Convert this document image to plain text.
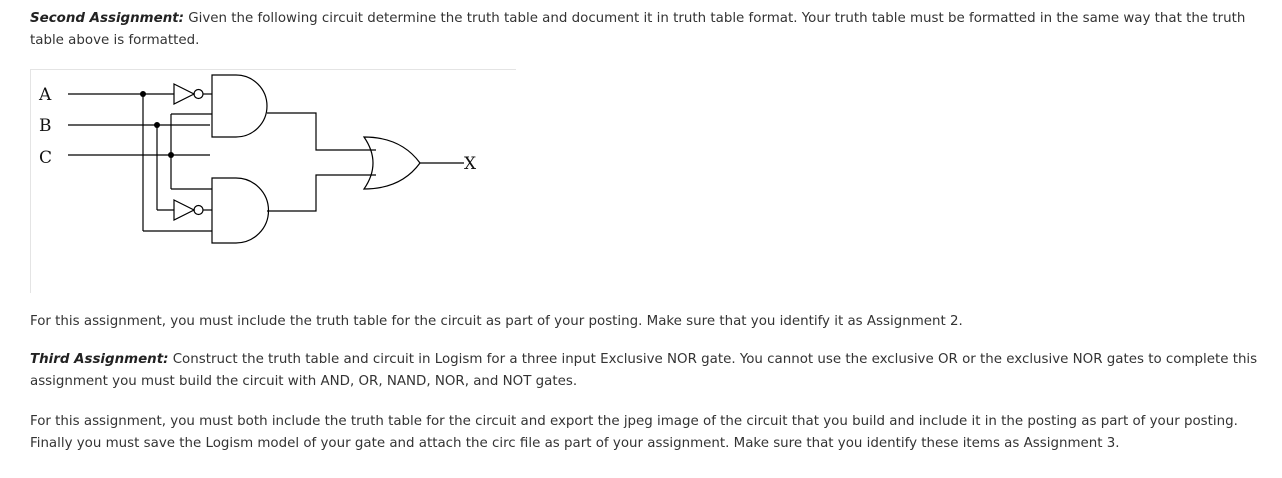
Second Assignment: Given the following circuit determine the truth table and document it in truth table format. Your truth table must be formatted in the same way that the truth table above is formatted.

A
B
C	X

For this assignment, you must include the truth table for the circuit as part of your posting. Make sure that you identify it as Assignment 2.

Third Assignment: Construct the truth table and circuit in Logism for a three input Exclusive NOR gate. You cannot use the exclusive OR or the exclusive NOR gates to complete this assignment you must build the circuit with AND, OR, NAND, NOR, and NOT gates.

For this assignment, you must both include the truth table for the circuit and export the jpeg image of the circuit that you build and include it in the posting as part of your posting. Finally you must save the Logism model of your gate and attach the circ file as part of your assignment. Make sure that you identify these items as Assignment 3.
